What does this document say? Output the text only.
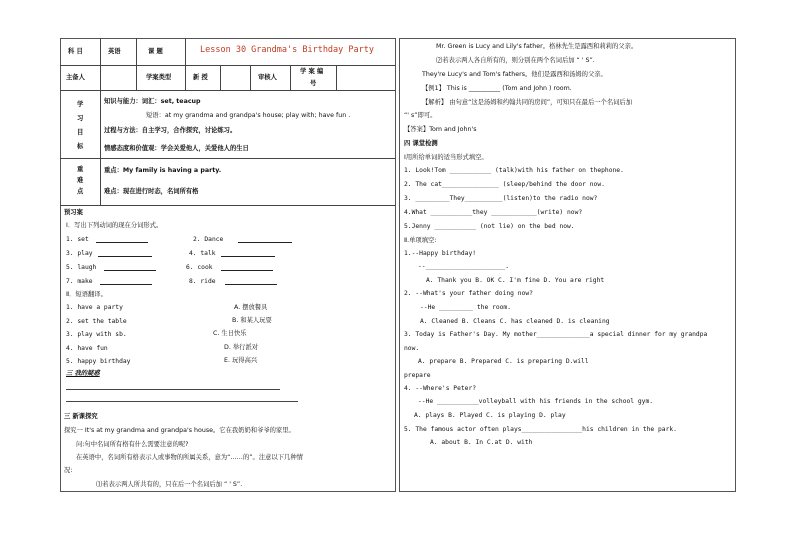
科 目	英语	课 题	Lesson 30 Grandma's Birthday Party
主备人	学案类型	新 授	审核人
学 案 编
号
学
习
目
标
知识与能力：词汇：set, teacup
短语：at my grandma and grandpa's house; play with; have fun .
过程与方法：自主学习，合作探究，讨论练习。
情感态度和价值观：学会关爱他人，关爱他人的生日
重
难
点
重点：My family is having a party.
难点：现在进行时态，名词所有格
预习案
Ⅰ．写出下列动词的现在分词形式。
1. set	2. Dance
3. play	4. talk
5. laugh	6. cook
7. make	8. ride
Ⅱ．短语翻译。
1. have a party	A. 摆放餐具
2. set the table	B. 和某人玩耍
3. play with sb.	C. 生日快乐
4. have fun	D. 举行派对
5. happy birthday	E. 玩得高兴
三 我的疑惑
三 新课探究
探究一 It's at my grandma and grandpa's house。它在我奶奶和爷爷的家里。
问:句中名词所有格有什么需要注意的呢?
在英语中，名词所有格表示人或事物的所属关系，意为“……的”。注意以下几种情
况:
⑴若表示两人所共有的，只在后一个名词后加 “ ' S”.
Mr. Green is Lucy and Lily's father。格林先生是露西和莉莉的父亲。
⑵若表示两人各自所有的，则分别在两个名词后加 “ ' S”.
They're Lucy's and Tom's fathers。他们是露西和汤姆的父亲。
【例1】 This is __________ (Tom and John ) room.
【解析】 由句意“这是汤姆和约翰共同的房间”，可知只在最后一个名词后加
“' s”即可。
【答案】Tom and John's
四 课堂检测
Ⅰ用所给单词的适当形式填空。
1. Look!Tom ___________ (talk)with his father on thephone.
2. The cat_______________ (sleep/behind the door now.
3. _________They__________(listen)to the radio now?
4.What ___________they ____________(write) now?
5.Jenny ___________ (not lie) on the bed now.
Ⅱ.单项填空:
1.--Happy birthday!
--_____________________.
A. Thank you B. OK C. I'm fine D. You are right
2. --What's your father doing now?
--He _________ the room.
A. Cleaned B. Cleans C. has cleaned D. is cleaning
3. Today is Father's Day. My mother______________a special dinner for my grandpa
now.
A. prepare B. Prepared C. is preparing D.will
prepare
4. --Where's Peter?
--He ___________volleyball with his friends in the school gym.
A. plays B. Played C. is playing D. play
5. The famous actor often plays________________his children in the park.
A. about B. In C.at D. with
